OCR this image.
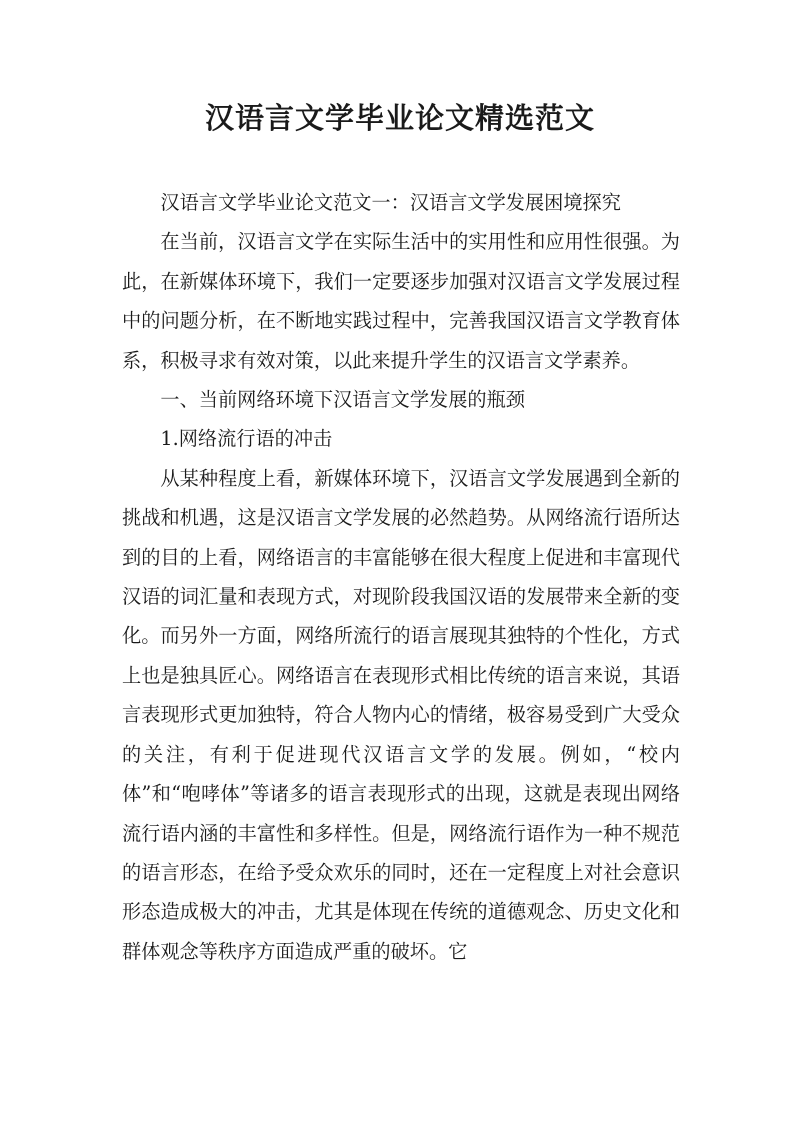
汉语言文学毕业论文精选范文

汉语言文学毕业论文范文一：汉语言文学发展困境探究

在当前，汉语言文学在实际生活中的实用性和应用性很强。为此，在新媒体环境下，我们一定要逐步加强对汉语言文学发展过程中的问题分析，在不断地实践过程中，完善我国汉语言文学教育体系，积极寻求有效对策，以此来提升学生的汉语言文学素养。

一、当前网络环境下汉语言文学发展的瓶颈

1.网络流行语的冲击

从某种程度上看，新媒体环境下，汉语言文学发展遇到全新的挑战和机遇，这是汉语言文学发展的必然趋势。从网络流行语所达到的目的上看，网络语言的丰富能够在很大程度上促进和丰富现代汉语的词汇量和表现方式，对现阶段我国汉语的发展带来全新的变化。而另外一方面，网络所流行的语言展现其独特的个性化，方式上也是独具匠心。网络语言在表现形式相比传统的语言来说，其语言表现形式更加独特，符合人物内心的情绪，极容易受到广大受众的关注，有利于促进现代汉语言文学的发展。例如，“校内体”和“咆哮体”等诸多的语言表现形式的出现，这就是表现出网络流行语内涵的丰富性和多样性。但是，网络流行语作为一种不规范的语言形态，在给予受众欢乐的同时，还在一定程度上对社会意识形态造成极大的冲击，尤其是体现在传统的道德观念、历史文化和群体观念等秩序方面造成严重的破坏。它
